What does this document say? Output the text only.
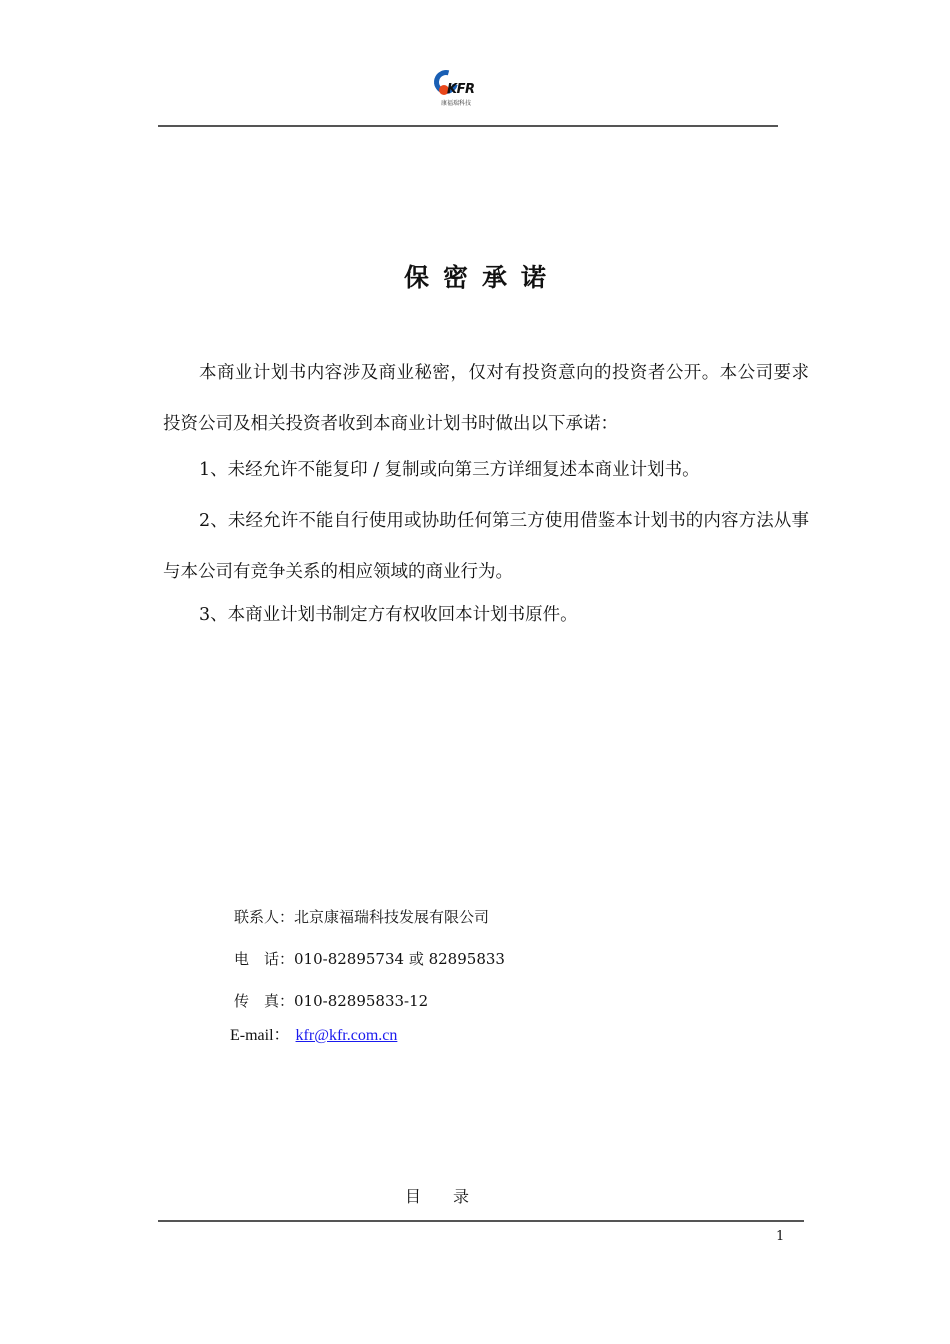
KFR
康福瑞科技
保密承诺
本商业计划书内容涉及商业秘密，仅对有投资意向的投资者公开。本公司要求投资公司及相关投资者收到本商业计划书时做出以下承诺：
1、未经允许不能复印 / 复制或向第三方详细复述本商业计划书。
2、未经允许不能自行使用或协助任何第三方使用借鉴本计划书的内容方法从事与本公司有竞争关系的相应领域的商业行为。
3、本商业计划书制定方有权收回本计划书原件。
联系人：北京康福瑞科技发展有限公司
电　话：010-82895734 或 82895833
传　真：010-82895833-12
E-mail： kfr@kfr.com.cn
目　　录
1
